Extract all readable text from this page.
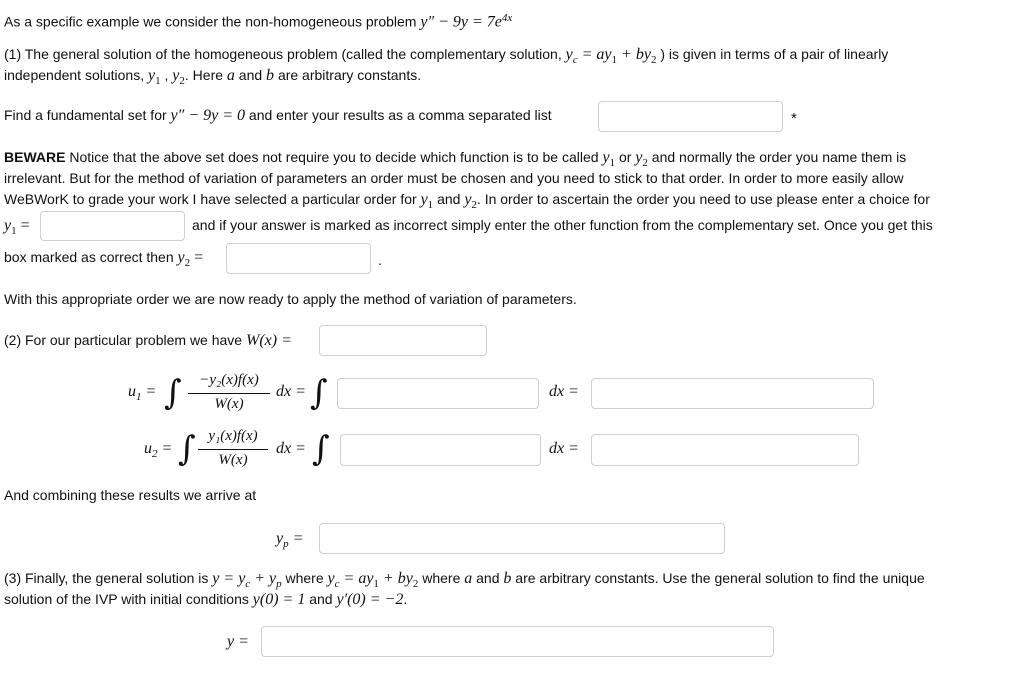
As a specific example we consider the non-homogeneous problem $y'' - 9y = 7e^{4x}$
(1) The general solution of the homogeneous problem (called the complementary solution, $y_c = ay_1 + by_2$ ) is given in terms of a pair of linearly
independent solutions, $y_1$ , $y_2$. Here a and b are arbitrary constants.
Find a fundamental set for y″ − 9y = 0 and enter your results as a comma separated list	*
BEWARE Notice that the above set does not require you to decide which function is to be called $y_1$ or $y_2$ and normally the order you name them is
irrelevant. But for the method of variation of parameters an order must be chosen and you need to stick to that order. In order to more easily allow
WeBWorK to grade your work I have selected a particular order for $y_1$ and $y_2$. In order to ascertain the order you need to use please enter a choice for
$y_1$ =	and if your answer is marked as incorrect simply enter the other function from the complementary set. Once you get this
box marked as correct then $y_2$ =	.
With this appropriate order we are now ready to apply the method of variation of parameters.
(2) For our particular problem we have W(x) =
$u_1$ = ∫	−y₂(x)f(x)
W(x)
dx = ∫	dx =
$u_2$ = ∫ y₁(x)f(x)
W(x)
dx = ∫	dx =
And combining these results we arrive at
$y_p$ =
(3) Finally, the general solution is $y = y_c + y_p$ where $y_c = ay_1 + by_2$ where a and b are arbitrary constants. Use the general solution to find the unique
solution of the IVP with initial conditions y(0) = 1 and y′(0) = −2.
y =
